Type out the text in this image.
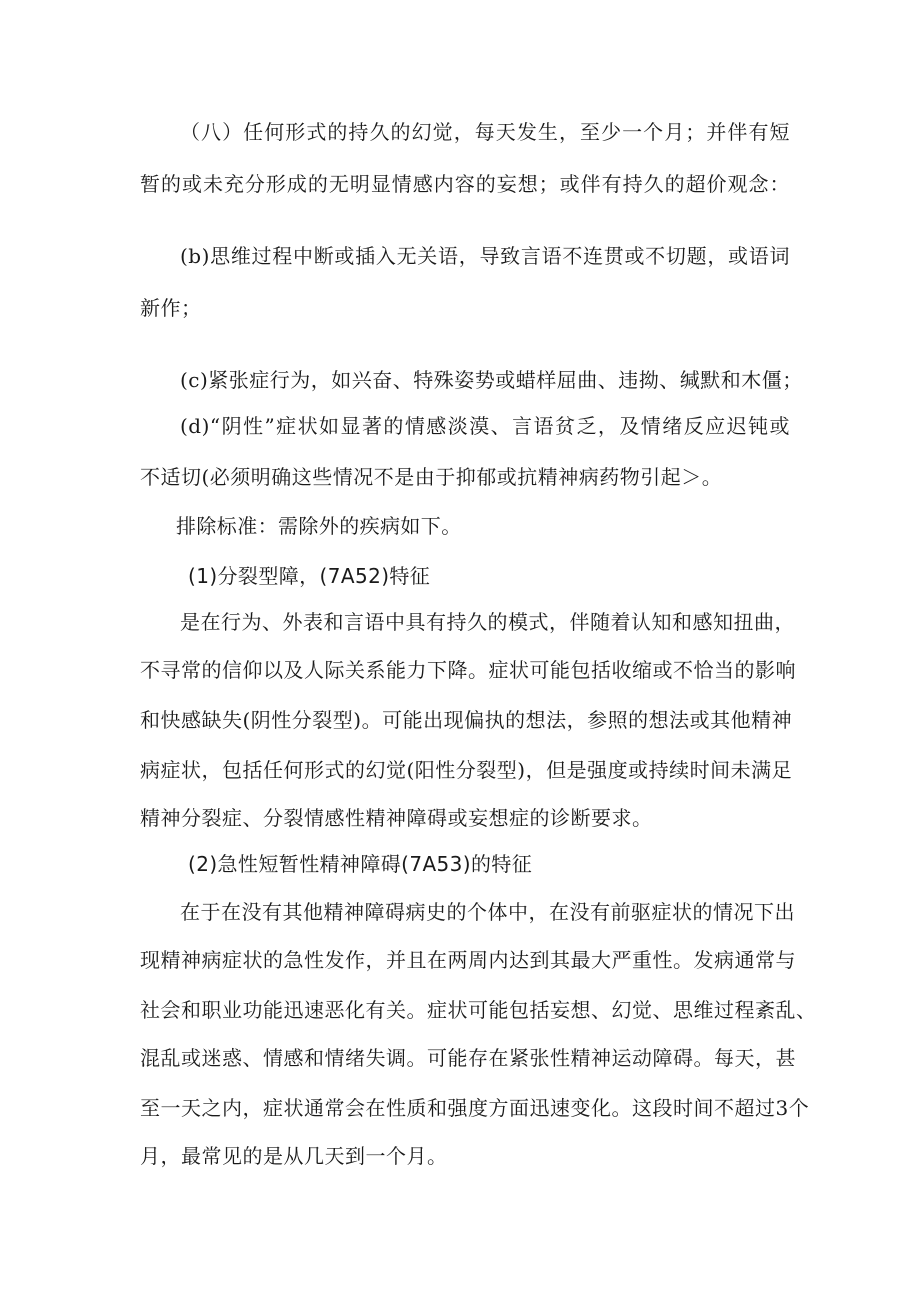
（八）任何形式的持久的幻觉，每天发生，至少一个月；并伴有短
暂的或未充分形成的无明显情感内容的妄想；或伴有持久的超价观念：
(b)思维过程中断或插入无关语，导致言语不连贯或不切题，或语词
新作；
(c)紧张症行为，如兴奋、特殊姿势或蜡样屈曲、违拗、缄默和木僵；
(d)“阴性”症状如显著的情感淡漠、言语贫乏，及情绪反应迟钝或
不适切(必须明确这些情况不是由于抑郁或抗精神病药物引起＞。
排除标准：需除外的疾病如下。
(1)分裂型障，(7A52)特征
是在行为、外表和言语中具有持久的模式，伴随着认知和感知扭曲，
不寻常的信仰以及人际关系能力下降。症状可能包括收缩或不恰当的影响
和快感缺失(阴性分裂型)。可能出现偏执的想法，参照的想法或其他精神
病症状，包括任何形式的幻觉(阳性分裂型)，但是强度或持续时间未满足
精神分裂症、分裂情感性精神障碍或妄想症的诊断要求。
(2)急性短暂性精神障碍(7A53)的特征
在于在没有其他精神障碍病史的个体中，在没有前驱症状的情况下出
现精神病症状的急性发作，并且在两周内达到其最大严重性。发病通常与
社会和职业功能迅速恶化有关。症状可能包括妄想、幻觉、思维过程紊乱、
混乱或迷惑、情感和情绪失调。可能存在紧张性精神运动障碍。每天，甚
至一天之内，症状通常会在性质和强度方面迅速变化。这段时间不超过3个
月，最常见的是从几天到一个月。
